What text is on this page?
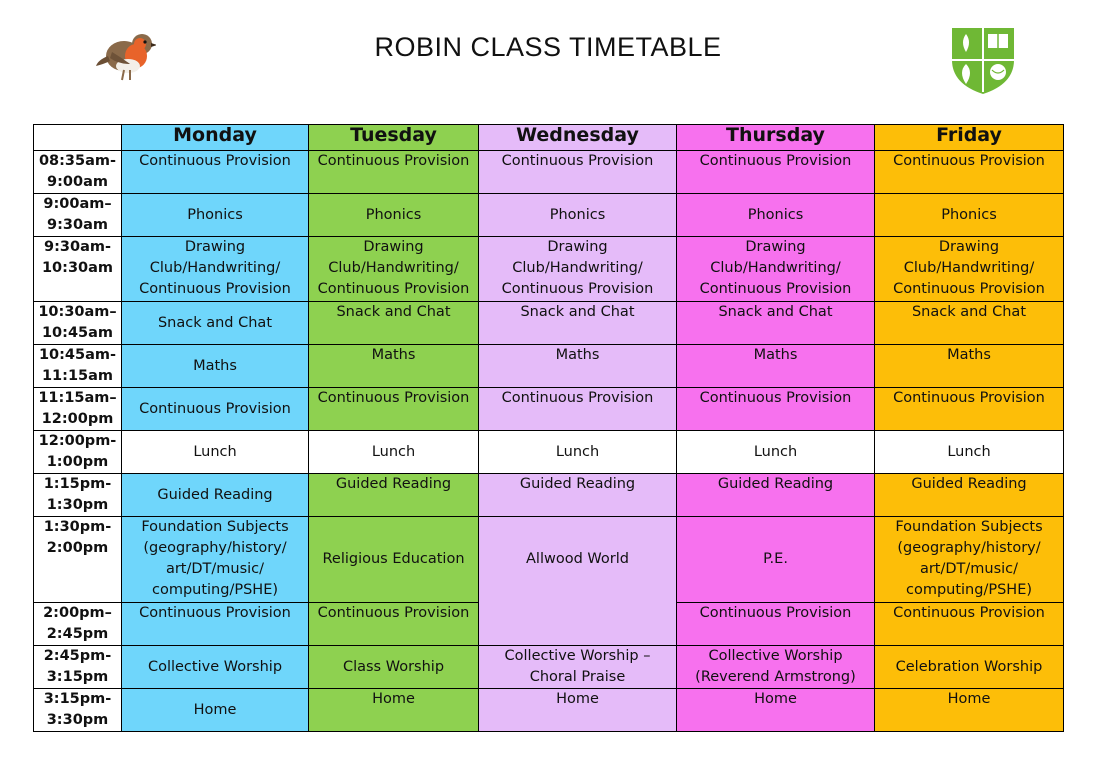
ROBIN CLASS TIMETABLE
	Monday	Tuesday	Wednesday	Thursday	Friday
08:35am-
9:00am	Continuous Provision	Continuous Provision	Continuous Provision	Continuous Provision	Continuous Provision
9:00am–
9:30am	Phonics	Phonics	Phonics	Phonics	Phonics
9:30am-
10:30am	Drawing Club/Handwriting/ Continuous Provision	Drawing Club/Handwriting/ Continuous Provision	Drawing Club/Handwriting/ Continuous Provision	Drawing Club/Handwriting/ Continuous Provision	Drawing Club/Handwriting/ Continuous Provision
10:30am–
10:45am	Snack and Chat	Snack and Chat	Snack and Chat	Snack and Chat	Snack and Chat
10:45am-
11:15am	Maths	Maths	Maths	Maths	Maths
11:15am–
12:00pm	Continuous Provision	Continuous Provision	Continuous Provision	Continuous Provision	Continuous Provision
12:00pm-
1:00pm	Lunch	Lunch	Lunch	Lunch	Lunch
1:15pm-
1:30pm	Guided Reading	Guided Reading	Guided Reading	Guided Reading	Guided Reading
1:30pm-
2:00pm	Foundation Subjects (geography/history/ art/DT/music/ computing/PSHE)	Religious Education	Allwood World	P.E.	Foundation Subjects (geography/history/ art/DT/music/ computing/PSHE)
2:00pm–
2:45pm	Continuous Provision	Continuous Provision		Continuous Provision	Continuous Provision
2:45pm-
3:15pm	Collective Worship	Class Worship	Collective Worship – Choral Praise	Collective Worship (Reverend Armstrong)	Celebration Worship
3:15pm-
3:30pm	Home	Home	Home	Home	Home
